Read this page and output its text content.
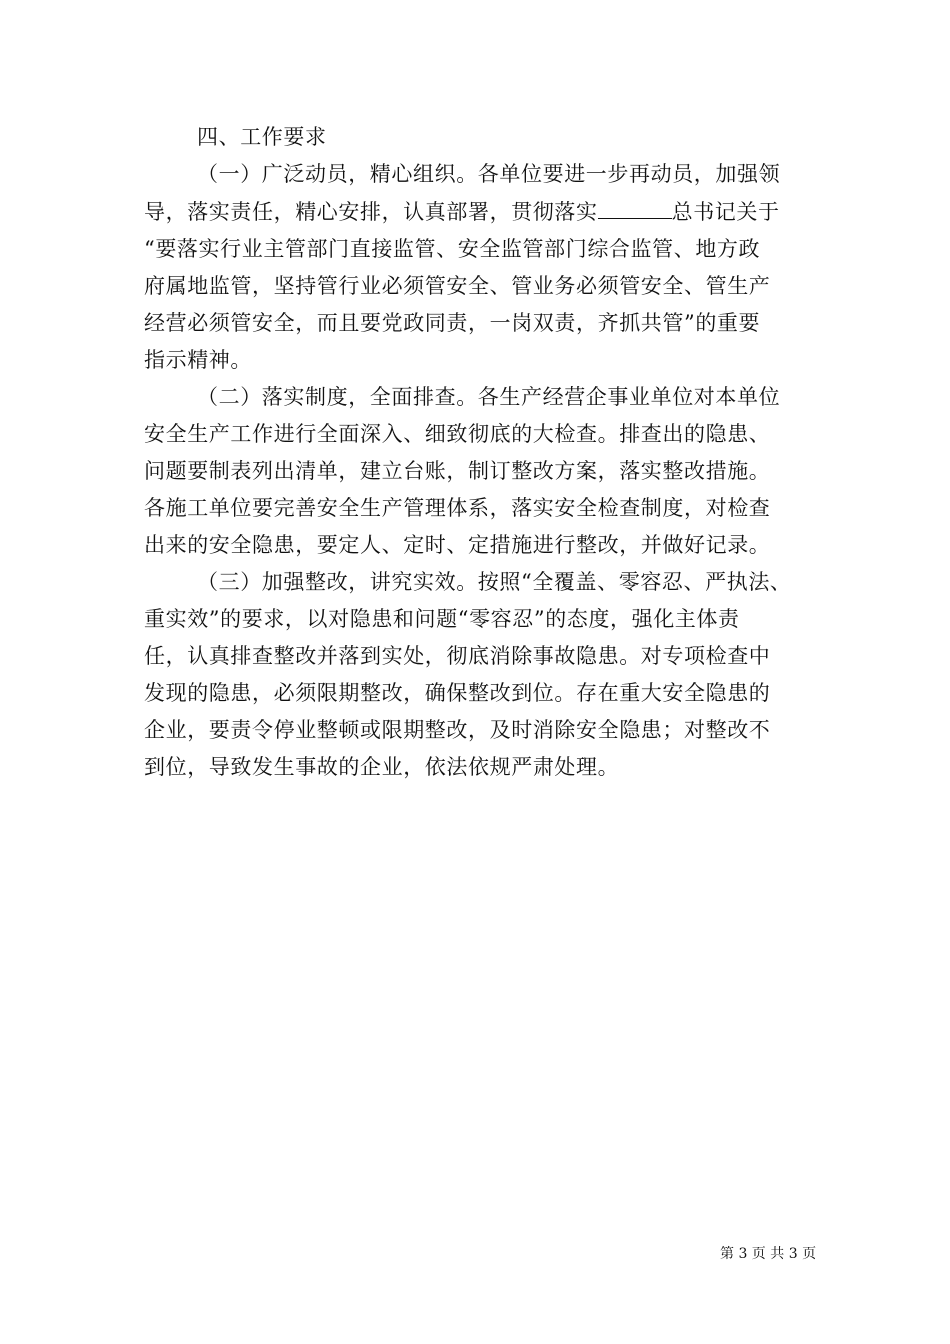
四、工作要求
（一）广泛动员，精心组织。各单位要进一步再动员，加强领
导，落实责任，精心安排，认真部署，贯彻落实	总书记关于
“要落实行业主管部门直接监管、安全监管部门综合监管、地方政
府属地监管，坚持管行业必须管安全、管业务必须管安全、管生产
经营必须管安全，而且要党政同责，一岗双责，齐抓共管”的重要
指示精神。
（二）落实制度，全面排查。各生产经营企事业单位对本单位
安全生产工作进行全面深入、细致彻底的大检查。排查出的隐患、
问题要制表列出清单，建立台账，制订整改方案，落实整改措施。
各施工单位要完善安全生产管理体系，落实安全检查制度，对检查
出来的安全隐患，要定人、定时、定措施进行整改，并做好记录。
（三）加强整改，讲究实效。按照“全覆盖、零容忍、严执法、
重实效”的要求，以对隐患和问题“零容忍”的态度，强化主体责
任，认真排查整改并落到实处，彻底消除事故隐患。对专项检查中
发现的隐患，必须限期整改，确保整改到位。存在重大安全隐患的
企业，要责令停业整顿或限期整改，及时消除安全隐患；对整改不
到位，导致发生事故的企业，依法依规严肃处理。
第 3 页 共 3 页
